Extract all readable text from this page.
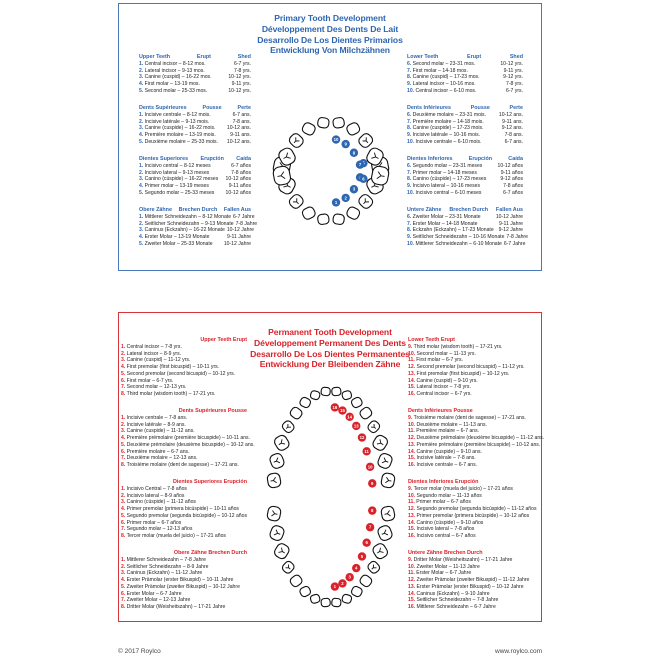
Primary Tooth Development
Développement Des Dents De Lait
Desarrollo De Los Dientes Primarios
Entwicklung Von Milchzähnen
Upper Teeth	Erupt	Shed
1. Central incisor – 8-12 mos.	6-7 yrs.
2. Lateral incisor – 9-13 mos.	7-8 yrs.
3. Canine (cuspid) – 16-22 mos.	10-12 yrs.
4. First molar – 13-19 mos.	9-11 yrs.
5. Second molar – 25-33 mos.	10-12 yrs.
Dents Supérieures	Pousse	Perte
1. Incisive centrale – 8-12 mois.	6-7 ans.
2. Incisive latérale – 9-13 mois.	7-8 ans.
3. Canine (cuspide) – 16-22 mois.	10-12 ans.
4. Première molaire – 13-19 mois.	9-11 ans.
5. Deuxième molaire – 25-33 mois.	10-12 ans.
Dientes Superiores Erupción Caída
1. Incisivo central – 8-12 meses	6-7 años
2. Incisivo lateral – 9-13 meses	7-8 años
3. Canino (cúspide) – 16-22 meses	10-12 años
4. Primer molar – 13-19 meses	9-11 años
5. Segundo molar – 25-33 meses	10-12 años
Obere Zähne Brechen Durch Fallen Aus
1. Mittlerer Schneidezahn – 8-12 Monate 6-7 Jahre
2. Seitlicher Schneidezahn – 9-13 Monate 7-8 Jahre
3. Caninus (Eckzahn) – 16-22 Monate 10-12 Jahre
4. Erster Molar – 13-19 Monate	9-11 Jahre
5. Zweiter Molar – 25-33 Monate	10-12 Jahre
Lower Teeth	Erupt	Shed
6. Second molar – 23-31 mos.	10-12 yrs.
7. First molar – 14-18 mos.	9-11 yrs.
8. Canine (cuspid) – 17-23 mos.	9-12 yrs.
9. Lateral incisor – 10-16 mos.	7-8 yrs.
10. Central incisor – 6-10 mos.	6-7 yrs.
Dents Inférieures	Pousse	Perte
6. Deuxième molaire – 23-31 mois.	10-12 ans.
7. Première molaire – 14-18 mois.	9-11 ans.
8. Canine (cuspide) – 17-23 mois.	9-12 ans.
9. Incisive latérale – 10-16 mois.	7-8 ans.
10. Incisive centrale – 6-10 mois.	6-7 ans.
Dientes Inferiores	Erupción	Caída
6. Segundo molar – 23-31 meses	10-12 años
7. Primer molar – 14-18 meses	9-11 años
8. Canino (cúspide) – 17-23 meses	9-12 años
9. Incisivo lateral – 10-16 meses	7-8 años
10. Incisivo central – 6-10 meses	6-7 años
Untere Zähne Brechen Durch Fallen Aus
6. Zweiter Molar – 23-31 Monate	10-12 Jahre
7. Erster Molar – 14-18 Monate	9-11 Jahre
8. Eckzahn (Eckzahn) – 17-23 Monate 9-12 Jahre
9. Seitlicher Schneidezahn – 10-16 Monate 7-8 Jahre
10. Mittlerer Schneidezahn – 6-10 Monate 6-7 Jahre
1
2
3
10
9
8
7
6
Permanent Tooth Development
Développement Permanent Des Dents
Desarrollo De Los Dientes Permanentes
Entwicklung Der Bleibenden Zähne
Upper Teeth Erupt
1. Central incisor – 7-8 yrs.
2. Lateral incisor – 8-9 yrs.
3. Canine (cuspid) – 11-12 yrs.
4. First premolar (first bicuspid) – 10-11 yrs.
5. Second premolar (second bicuspid) – 10-12 yrs.
6. First molar – 6-7 yrs.
7. Second molar – 12-13 yrs.
8. Third molar (wisdom tooth) – 17-21 yrs.
Dents Supérieures Pousse
1. Incisive centrale – 7-8 ans.
2. Incisive latérale – 8-9 ans.
3. Canine (cuspide) – 11-12 ans.
4. Première prémolaire (première bicuspide) – 10-11 ans.
5. Deuxième prémolaire (deuxième bicuspide) – 10-12 ans.
6. Première molaire – 6-7 ans.
7. Deuxième molaire – 12-13 ans.
8. Troisième molaire (dent de sagesse) – 17-21 ans.
Dientes Superiores Erupción
1. Incisivo Central – 7-8 años
2. Incisivo lateral – 8-9 años
3. Canino (cúspide) – 11-12 años
4. Primer premolar (primera bicúspide) – 10-11 años
5. Segundo premolar (segunda bicúspide) – 10-12 años
6. Primer molar – 6-7 años
7. Segundo molar – 12-13 años
8. Tercer molar (muela del juicio) – 17-21 años
Obere Zähne Brechen Durch
1. Mittlerer Schneidezahn – 7-8 Jahre
2. Seitlicher Schneidezahn – 8-9 Jahre
3. Caninus (Eckzahn) – 11-12 Jahre
4. Erster Prämolar (erster Bikuspid) – 10-11 Jahre
5. Zweiter Prämolar (zweiter Bikuspid) – 10-12 Jahre
6. Erster Molar – 6-7 Jahre
7. Zweiter Molar – 12-13 Jahre
8. Dritter Molar (Weisheitszahn) – 17-21 Jahre
Lower Teeth Erupt
9. Third molar (wisdom tooth) – 17-21 yrs.
10. Second molar – 11-13 yrs.
11. First molar – 6-7 yrs.
12. Second premolar (second bicuspid) – 11-12 yrs.
13. First premolar (first bicuspid) – 10-12 yrs.
14. Canine (cuspid) – 9-10 yrs.
15. Lateral incisor – 7-8 yrs.
16. Central incisor – 6-7 yrs.
Dents Inférieures Pousse
9. Troisième molaire (dent de sagesse) – 17-21 ans.
10. Deuxième molaire – 11-13 ans.
11. Première molaire – 6-7 ans.
12. Deuxième prémolaire (deuxième bicuspide) – 11-12 ans.
13. Première prémolaire (première bicuspide) – 10-12 ans.
14. Canine (cuspide) – 9-10 ans.
15. Incisive latérale – 7-8 ans.
16. Incisive centrale – 6-7 ans.
Dientes Inferiores Erupción
9. Tercer molar (muela del juicio) – 17-21 años
10. Segundo molar – 11-13 años
11. Primer molar – 6-7 años
12. Segundo premolar (segunda bicúspide) – 11-12 años
13. Primer premolar (primera bicúspide) – 10-12 años
14. Canino (cúspide) – 9-10 años
15. Incisivo lateral – 7-8 años
16. Incisivo central – 6-7 años
Untere Zähne Brechen Durch
9. Dritter Molar (Weisheitszahn) – 17-21 Jahre
10. Zweiter Molar – 11-13 Jahre
11. Erster Molar – 6-7 Jahre
12. Zweiter Prämolar (zweiter Bikuspid) – 11-12 Jahre
13. Erster Prämolar (erster Bikuspid) – 10-12 Jahre
14. Caninus (Eckzahn) – 9-10 Jahre
15. Seitlicher Schneidezahn – 7-8 Jahre
16. Mittlerer Schneidezahn – 6-7 Jahre
1
2
3
4
5
6
7
8
16
15
14
13
12
11
10
9
© 2017 Roylco	www.roylco.com
